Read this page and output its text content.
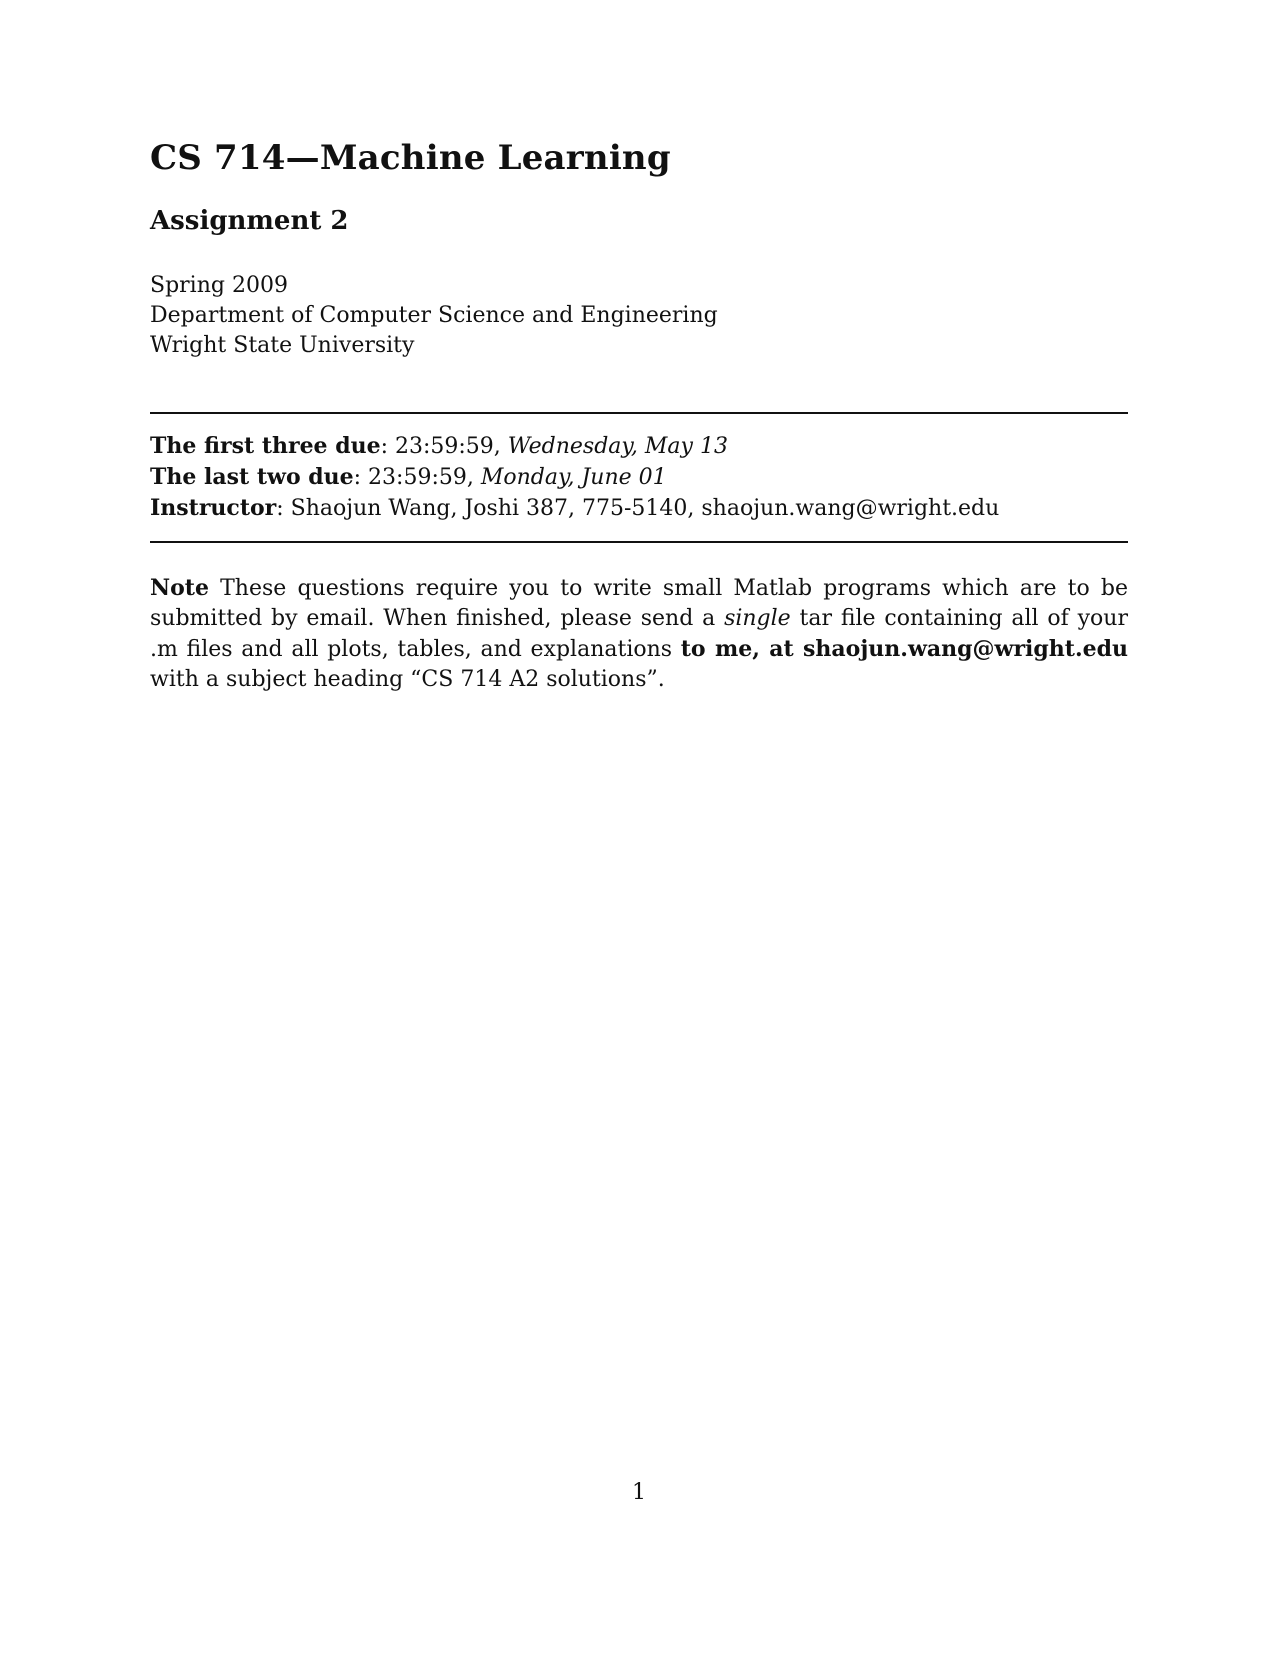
CS 714—Machine Learning
Assignment 2
Spring 2009
Department of Computer Science and Engineering
Wright State University
The first three due: 23:59:59, Wednesday, May 13
The last two due: 23:59:59, Monday, June 01
Instructor: Shaojun Wang, Joshi 387, 775-5140, shaojun.wang@wright.edu

Note These questions require you to write small Matlab programs which are to be submitted by email. When finished, please send a single tar file containing all of your .m files and all plots, tables, and explanations to me, at shaojun.wang@wright.edu with a subject heading “CS 714 A2 solutions”.

1
